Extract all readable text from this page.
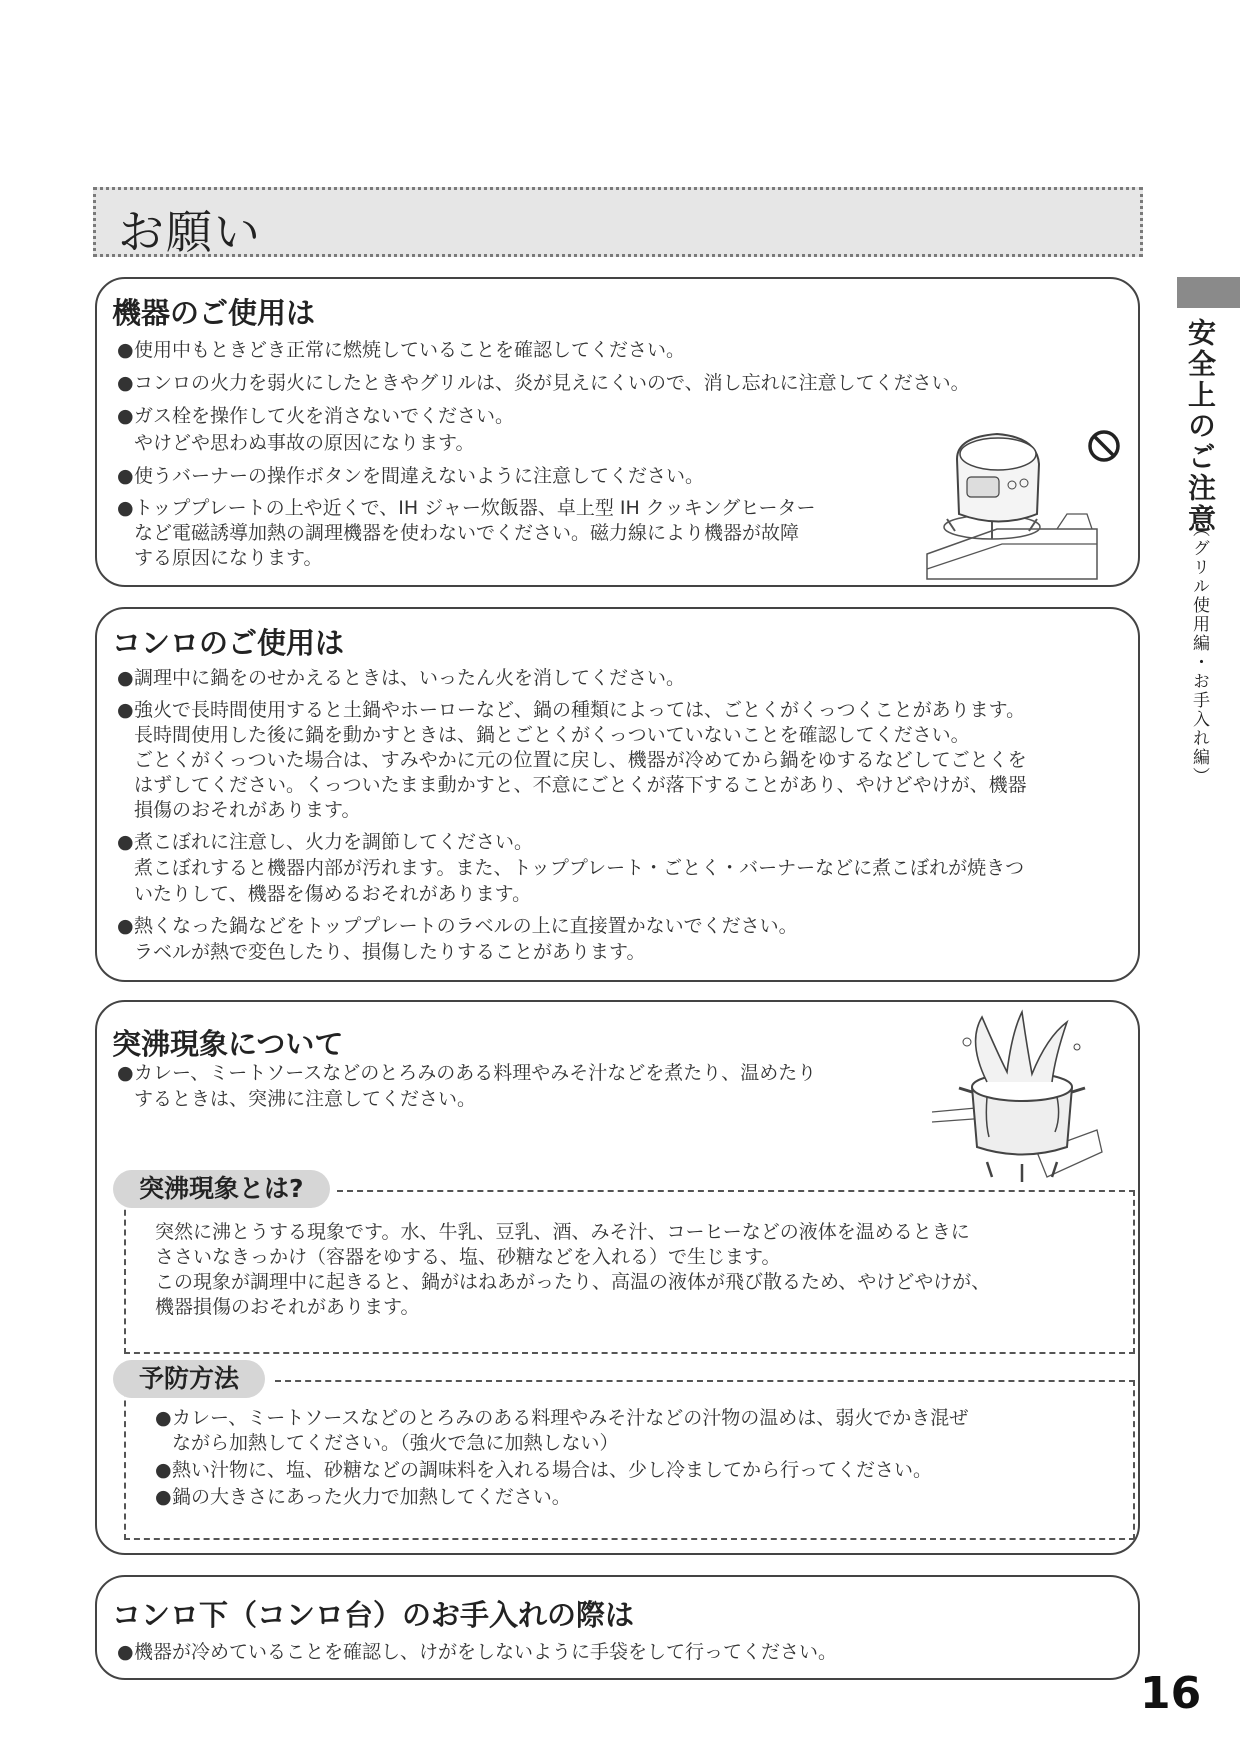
お願い
安全上のご注意
（グリル使用編・お手入れ編）
機器のご使用は
●使用中もときどき正常に燃焼していることを確認してください。
●コンロの火力を弱火にしたときやグリルは、炎が見えにくいので、消し忘れに注意してください。
●ガス栓を操作して火を消さないでください。
やけどや思わぬ事故の原因になります。
●使うバーナーの操作ボタンを間違えないように注意してください。
●トッププレートの上や近くで、IH ジャー炊飯器、卓上型 IH クッキングヒーター
など電磁誘導加熱の調理機器を使わないでください。磁力線により機器が故障
する原因になります。
コンロのご使用は
●調理中に鍋をのせかえるときは、いったん火を消してください。
●強火で長時間使用すると土鍋やホーローなど、鍋の種類によっては、ごとくがくっつくことがあります。
長時間使用した後に鍋を動かすときは、鍋とごとくがくっついていないことを確認してください。
ごとくがくっついた場合は、すみやかに元の位置に戻し、機器が冷めてから鍋をゆするなどしてごとくを
はずしてください。くっついたまま動かすと、不意にごとくが落下することがあり、やけどやけが、機器
損傷のおそれがあります。
●煮こぼれに注意し、火力を調節してください。
煮こぼれすると機器内部が汚れます。また、トッププレート・ごとく・バーナーなどに煮こぼれが焼きつ
いたりして、機器を傷めるおそれがあります。
●熱くなった鍋などをトッププレートのラベルの上に直接置かないでください。
ラベルが熱で変色したり、損傷したりすることがあります。
突沸現象について
●カレー、ミートソースなどのとろみのある料理やみそ汁などを煮たり、温めたり
するときは、突沸に注意してください。
突沸現象とは?
突然に沸とうする現象です。水、牛乳、豆乳、酒、みそ汁、コーヒーなどの液体を温めるときに
ささいなきっかけ（容器をゆする、塩、砂糖などを入れる）で生じます。
この現象が調理中に起きると、鍋がはねあがったり、高温の液体が飛び散るため、やけどやけが、
機器損傷のおそれがあります。
予防方法
●カレー、ミートソースなどのとろみのある料理やみそ汁などの汁物の温めは、弱火でかき混ぜ
ながら加熱してください。（強火で急に加熱しない）
●熱い汁物に、塩、砂糖などの調味料を入れる場合は、少し冷ましてから行ってください。
●鍋の大きさにあった火力で加熱してください。
コンロ下（コンロ台）のお手入れの際は
●機器が冷めていることを確認し、けがをしないように手袋をして行ってください。
16
